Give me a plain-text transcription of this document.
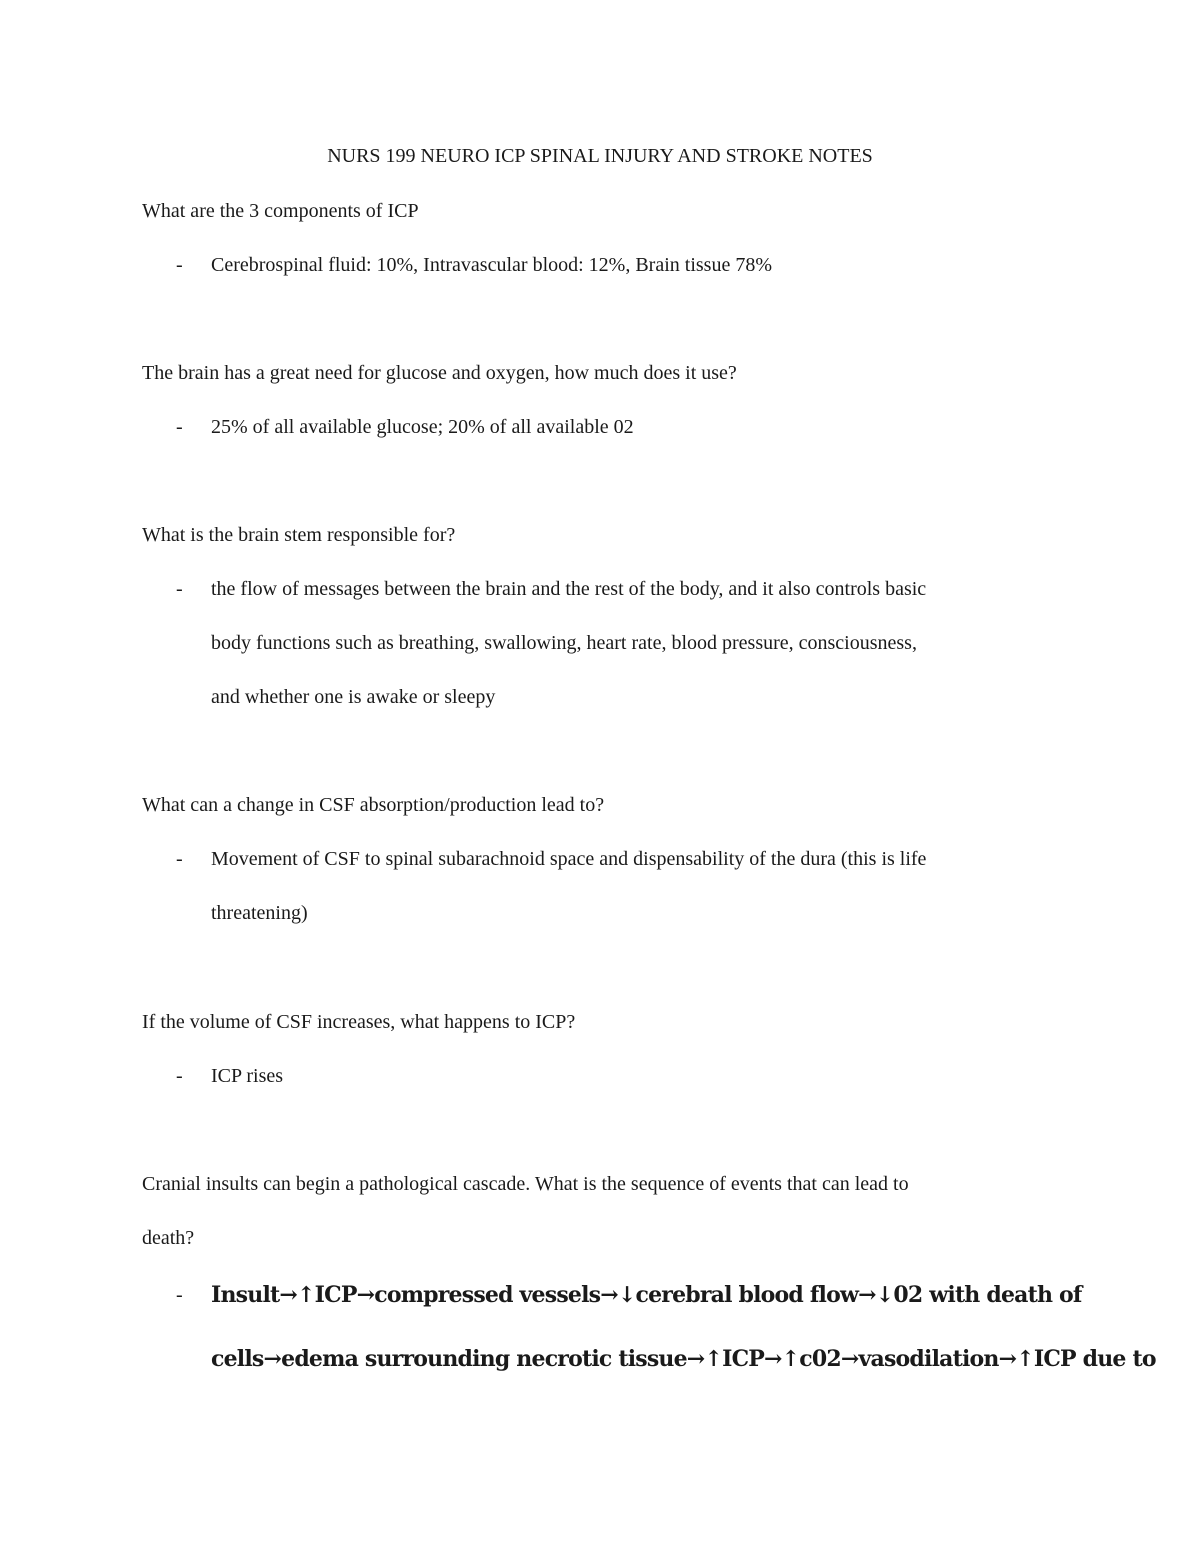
NURS 199 NEURO ICP SPINAL INJURY AND STROKE NOTES
What are the 3 components of ICP
- Cerebrospinal fluid: 10%, Intravascular blood: 12%, Brain tissue 78%
The brain has a great need for glucose and oxygen, how much does it use?
- 25% of all available glucose; 20% of all available 02
What is the brain stem responsible for?
- the flow of messages between the brain and the rest of the body, and it also controls basic
body functions such as breathing, swallowing, heart rate, blood pressure, consciousness,
and whether one is awake or sleepy
What can a change in CSF absorption/production lead to?
- Movement of CSF to spinal subarachnoid space and dispensability of the dura (this is life
threatening)
If the volume of CSF increases, what happens to ICP?
- ICP rises
Cranial insults can begin a pathological cascade. What is the sequence of events that can lead to
death?
- Insult→↑ICP→compressed vessels→↓cerebral blood flow→↓02 with death of
cells→edema surrounding necrotic tissue→↑ICP→↑c02→vasodilation→↑ICP due to
